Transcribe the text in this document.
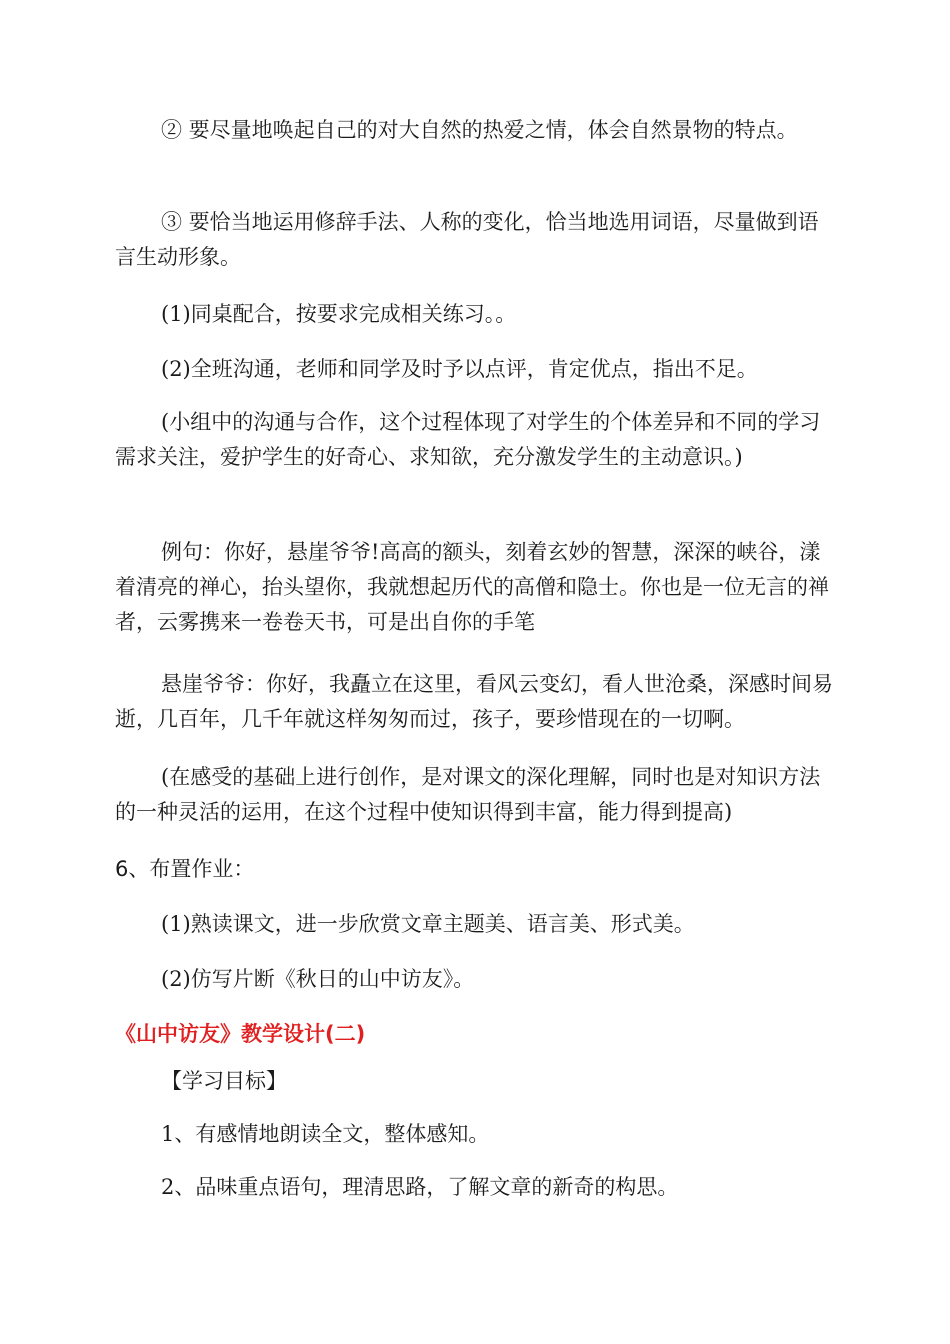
② 要尽量地唤起自己的对大自然的热爱之情，体会自然景物的特点。

③ 要恰当地运用修辞手法、人称的变化，恰当地选用词语，尽量做到语言生动形象。

(1)同桌配合，按要求完成相关练习。。

(2)全班沟通，老师和同学及时予以点评，肯定优点，指出不足。

(小组中的沟通与合作，这个过程体现了对学生的个体差异和不同的学习需求关注，爱护学生的好奇心、求知欲，充分激发学生的主动意识。)

例句：你好，悬崖爷爷!高高的额头，刻着玄妙的智慧，深深的峡谷，漾着清亮的禅心，抬头望你，我就想起历代的高僧和隐士。你也是一位无言的禅者，云雾携来一卷卷天书，可是出自你的手笔

悬崖爷爷：你好，我矗立在这里，看风云变幻，看人世沧桑，深感时间易逝，几百年，几千年就这样匆匆而过，孩子，要珍惜现在的一切啊。

(在感受的基础上进行创作，是对课文的深化理解，同时也是对知识方法的一种灵活的运用，在这个过程中使知识得到丰富，能力得到提高)

6、布置作业：

(1)熟读课文，进一步欣赏文章主题美、语言美、形式美。

(2)仿写片断《秋日的山中访友》。

《山中访友》教学设计(二)

【学习目标】

1、有感情地朗读全文，整体感知。

2、品味重点语句，理清思路，了解文章的新奇的构思。
